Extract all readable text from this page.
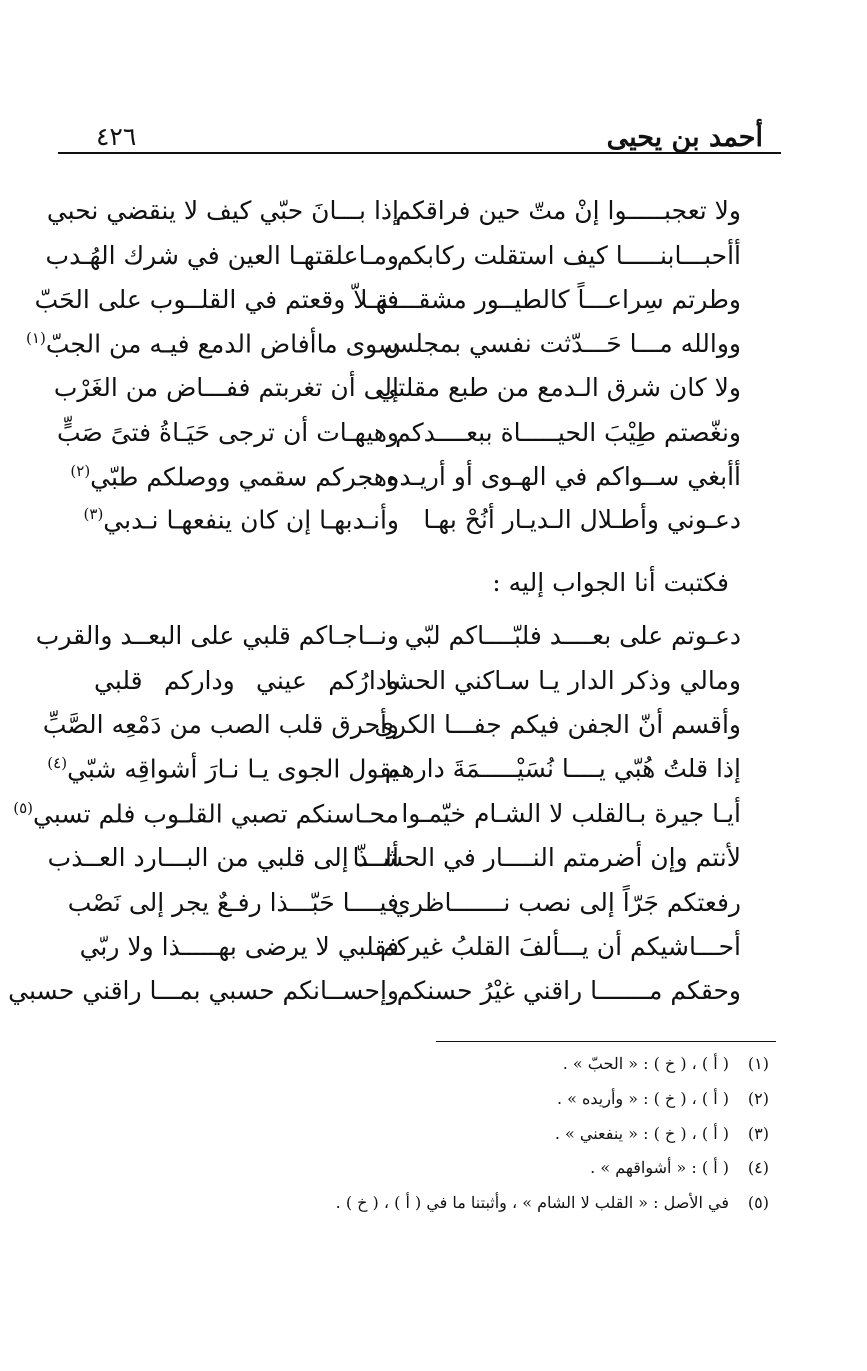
أحمد بن يحيى
٤٢٦
ولا تعجبـــــوا إنْ متّ حين فراقكم
أأحبـــابنـــــا كيف استقلت ركابكم
وطرتم سِراعـــاً كالطيــور مشقــــة
ووالله مـــا حَـــدّثت نفسي بمجلس
ولا كان شرق الـدمع من طبع مقلتي
ونغّصتم طِيْبَ الحيـــــاة ببعــــدكم
أأبغي ســواكم في الهـوى أو أريـده
دعـوني وأطـلال الـديـار أنُحْ بهـا
إذا بـــانَ حبّي كيف لا ينقضي نحبي
ومـاعلقتهـا العين في شرك الهُـدب
فهـلاّ وقعتم في القلــوب على الحَبّ
سوى ماأفاض الدمع فيـه من الجبّ$^{(١)}$
إلى أن تغربتم ففـــاض من الغَرْب
وهيهـات أن ترجى حَيَـاةُ فتىً صَبٍّ
وهجركم سقمي ووصلكم طبّي$^{(٢)}$
وأنـدبهـا إن كان ينفعهـا نـدبي$^{(٣)}$
فكتبت أنا الجواب إليه :
دعـوتم على بعــــد فلبّــــاكم لبّي
ومالي وذكر الدار يـا سـاكني الحشا
وأقسم أنّ الجفن فيكم جفـــا الكرى
إذا قلتُ هُبّي يــــا نُسَيْـــــمَةَ دارهم
أيـا جيرة بـالقلب لا الشـام خيّمـوا
لأنتم وإن أضرمتم النــــار في الحشـــا
رفعتكم جَرّاً إلى نصب نـــــــاظري
أحـــاشيكم أن يـــألفَ القلبُ غيركم
وحقكم مـــــــا راقني غيْرُ حسنكم
ونــاجـاكم قلبي على البعــد والقرب
ودارُكم عيني وداركم قلبي
وأحرق قلب الصب من دَمْعِه الصَّبِّ
يقول الجوى يـا نـارَ أشواقِه شبّي$^{(٤)}$
محـاسنكم تصبي القلـوب فلم تسبي$^{(٥)}$
ألــذّ إلى قلبي من البـــارد العــذب
فيــــا حَبّـــذا رفـعٌ يجر إلى نَصْب
فقلبي لا يرضى بهـــــذا ولا ربّي
وإحســانكم حسبي بمـــا راقني حسبي
(١)( أ ) ، ( خ ) : « الحبّ » .
(٢)( أ ) ، ( خ ) : « وأريده » .
(٣)( أ ) ، ( خ ) : « ينفعني » .
(٤)( أ ) : « أشواقهم » .
(٥)في الأصل : « القلب لا الشام » ، وأثبتنا ما في ( أ ) ، ( خ ) .
